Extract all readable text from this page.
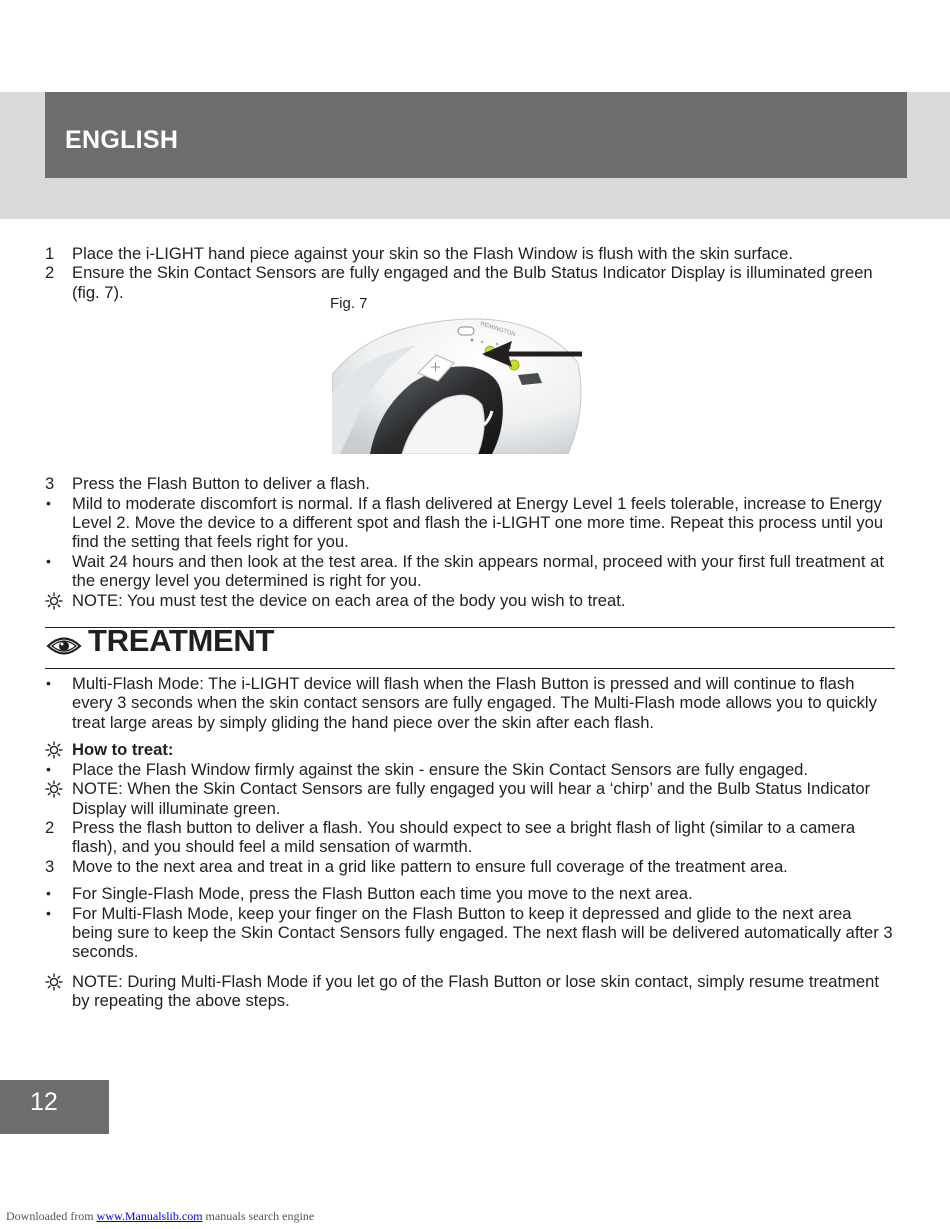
ENGLISH
1	Place the i-LIGHT hand piece against your skin so the Flash Window is flush with the skin surface.
2	Ensure the Skin Contact Sensors are fully engaged and the Bulb Status Indicator Display is illuminated green (fig. 7).
Fig. 7
REMINGTON
3	Press the Flash Button to deliver a flash.
•	Mild to moderate discomfort is normal. If a flash delivered at Energy Level 1 feels tolerable, increase to Energy Level 2. Move the device to a different spot and flash the i-LIGHT one more time. Repeat this process until you find the setting that feels right for you.
•	Wait 24 hours and then look at the test area. If the skin appears normal, proceed with your first full treatment at the energy level you determined is right for you.
NOTE: You must test the device on each area of the body you wish to treat.
TREATMENT
•	Multi-Flash Mode: The i-LIGHT device will flash when the Flash Button is pressed and will continue to flash every 3 seconds when the skin contact sensors are fully engaged. The Multi-Flash mode allows you to quickly treat large areas by simply gliding the hand piece over the skin after each flash.
How to treat:
•	Place the Flash Window firmly against the skin - ensure the Skin Contact Sensors are fully engaged.
NOTE: When the Skin Contact Sensors are fully engaged you will hear a ‘chirp’ and the Bulb Status Indicator Display will illuminate green.
2	Press the flash button to deliver a flash. You should expect to see a bright flash of light (similar to a camera flash), and you should feel a mild sensation of warmth.
3	Move to the next area and treat in a grid like pattern to ensure full coverage of the treatment area.
•	For Single-Flash Mode, press the Flash Button each time you move to the next area.
•	For Multi-Flash Mode, keep your finger on the Flash Button to keep it depressed and glide to the next area being sure to keep the Skin Contact Sensors fully engaged. The next flash will be delivered automatically after 3 seconds.
NOTE: During Multi-Flash Mode if you let go of the Flash Button or lose skin contact, simply resume treatment by repeating the above steps.
12
Downloaded from www.Manualslib.com manuals search engine
